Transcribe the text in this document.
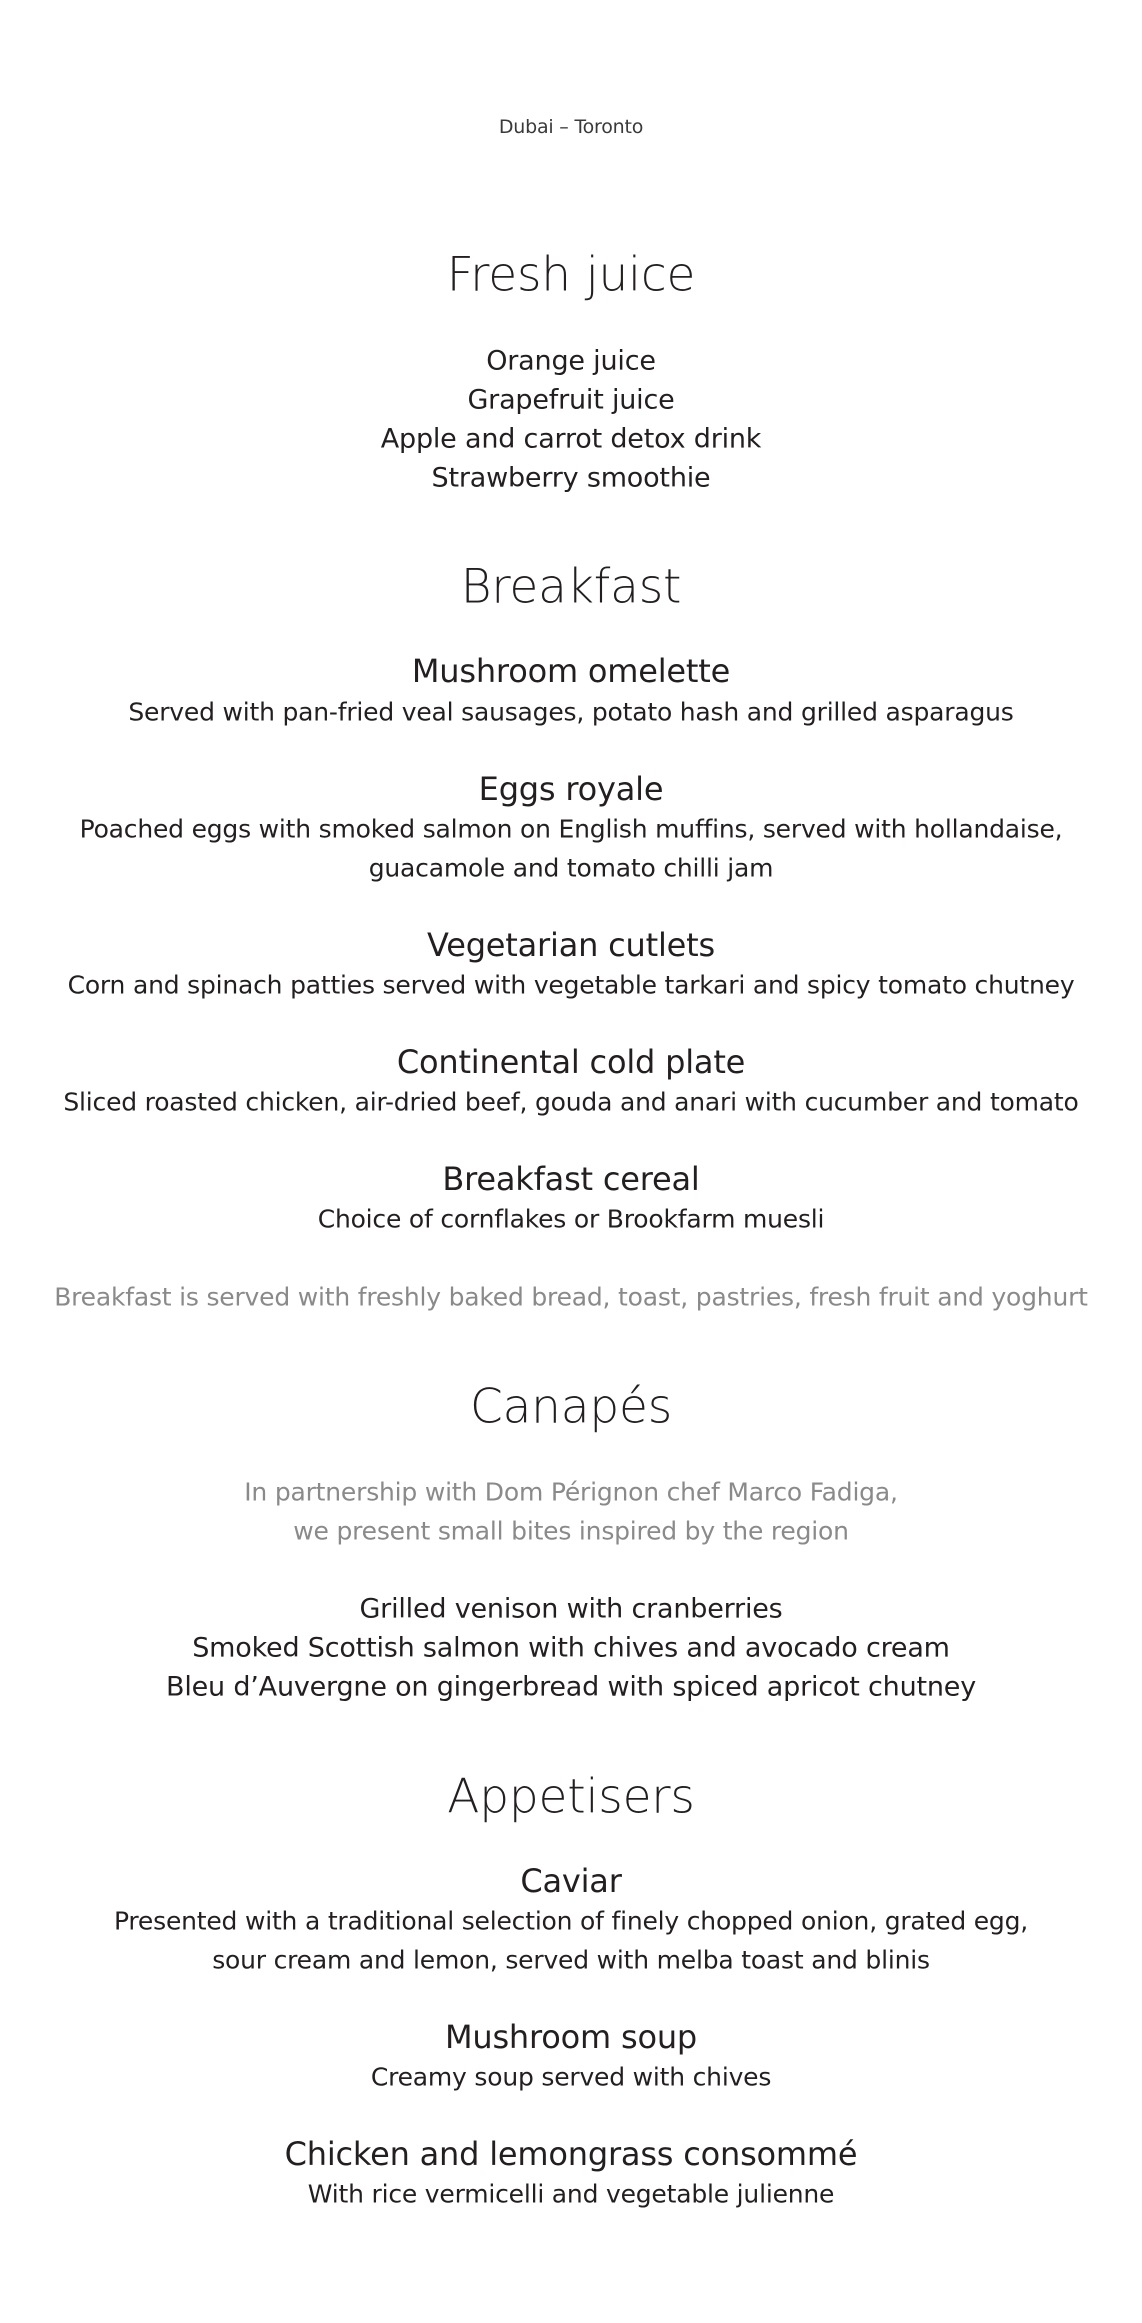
Dubai – Toronto
Fresh juice
Orange juice
Grapefruit juice
Apple and carrot detox drink
Strawberry smoothie
Breakfast
Mushroom omelette
Served with pan-fried veal sausages, potato hash and grilled asparagus
Eggs royale
Poached eggs with smoked salmon on English muffins, served with hollandaise,
guacamole and tomato chilli jam
Vegetarian cutlets
Corn and spinach patties served with vegetable tarkari and spicy tomato chutney
Continental cold plate
Sliced roasted chicken, air-dried beef, gouda and anari with cucumber and tomato
Breakfast cereal
Choice of cornflakes or Brookfarm muesli
Breakfast is served with freshly baked bread, toast, pastries, fresh fruit and yoghurt
Canapés
In partnership with Dom Pérignon chef Marco Fadiga,
we present small bites inspired by the region
Grilled venison with cranberries
Smoked Scottish salmon with chives and avocado cream
Bleu d’Auvergne on gingerbread with spiced apricot chutney
Appetisers
Caviar
Presented with a traditional selection of finely chopped onion, grated egg,
sour cream and lemon, served with melba toast and blinis
Mushroom soup
Creamy soup served with chives
Chicken and lemongrass consommé
With rice vermicelli and vegetable julienne
